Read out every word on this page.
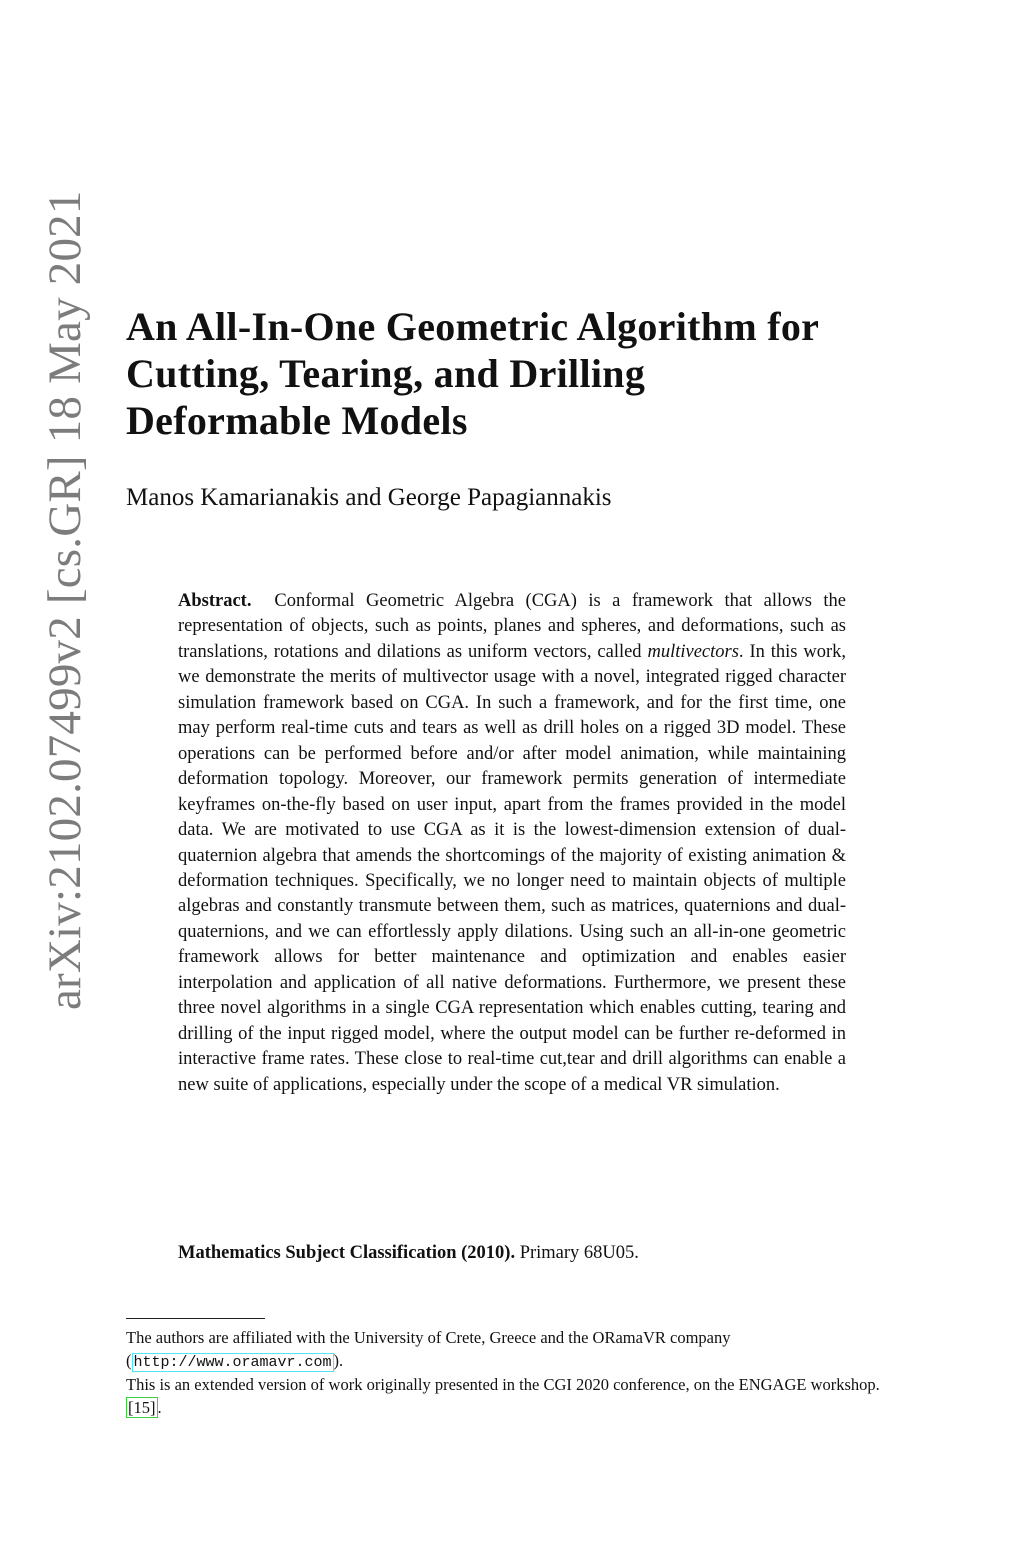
arXiv:2102.07499v2 [cs.GR] 18 May 2021 An All-In-One Geometric Algorithm for
Cutting, Tearing, and Drilling
Deformable Models
Manos Kamarianakis and George Papagiannakis

Abstract. Conformal Geometric Algebra (CGA) is a framework that allows the representation of objects, such as points, planes and spheres, and deformations, such as translations, rotations and dilations as uniform vectors, called multivectors. In this work, we demonstrate the merits of multivector usage with a novel, integrated rigged character simulation framework based on CGA. In such a framework, and for the first time, one may perform real-time cuts and tears as well as drill holes on a rigged 3D model. These operations can be performed before and/or after model animation, while maintaining deformation topology. Moreover, our framework permits generation of intermediate keyframes on-the-fly based on user input, apart from the frames provided in the model data. We are motivated to use CGA as it is the lowest-dimension extension of dual-quaternion algebra that amends the shortcomings of the majority of existing animation & deformation techniques. Specifically, we no longer need to maintain objects of multiple algebras and constantly transmute between them, such as matrices, quaternions and dual-quaternions, and we can effortlessly apply dilations. Using such an all-in-one geometric framework allows for better maintenance and optimization and enables easier interpolation and application of all native deformations. Furthermore, we present these three novel algorithms in a single CGA representation which enables cutting, tearing and drilling of the input rigged model, where the output model can be further re-deformed in interactive frame rates. These close to real-time cut,tear and drill algorithms can enable a new suite of applications, especially under the scope of a medical VR simulation.

Mathematics Subject Classification (2010). Primary 68U05.

The authors are affiliated with the University of Crete, Greece and the ORamaVR company ( http://www.oramavr.com ).

This is an extended version of work originally presented in the CGI 2020 conference, on the ENGAGE workshop. [15] .
